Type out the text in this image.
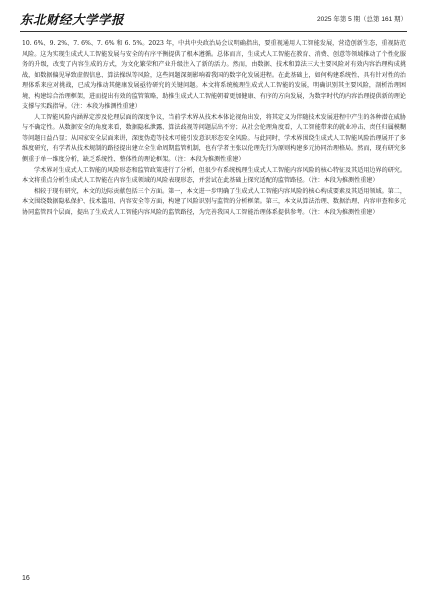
东北财经大学学报	2025 年第 5 期（总第 161 期）

10. 6%、9. 2%、7. 6%、7. 6% 和 6. 5%。2023 年，中共中央政治局会议明确指出，要重视通用人工智能发展，营造创新生态，重视防范风险。这为实现生成式人工智能发展与安全的有序平衡提供了根本遵循。总体而言，生成式人工智能在教育、消费、创意等领域推动了个性化服务的升级，改变了内容生成的方式，为文化繁荣和产业升级注入了新的活力。然而，由数据、技术和算法三大主要风险对有效内容治理构成挑战，如数据偏见导致虚假信息、算法操纵等风险，这些问题深刻影响着我国的数字化发展进程。在此基础上，如何构建系统性、具有针对性的治理体系来应对挑战，已成为推动其健康发展亟待研究的关键问题。本文将系统梳理生成式人工智能的发展，明确识别其主要风险，剖析治理困境，构建综合治理框架，进而提出有效的监管策略，助推生成式人工智能朝着更加健康、有序的方向发展，为数字时代的内容治理提供新的理论支撑与实践指导。（注：本段为推测性重建）

人工智能风险内涵界定涉及伦理层面的深度争议，当前学术界从技术本体论视角出发，将其定义为伴随技术发展进程中产生的各种潜在威胁与不确定性。从数据安全的角度来看，数据隐私泄露、算法歧视等问题层出不穷；从社会伦理角度看，人工智能带来的就业冲击、责任归属模糊等问题日益凸显；从国家安全层面来讲，深度伪造等技术可能引发意识形态安全风险。与此同时，学术界围绕生成式人工智能风险治理展开了多维度研究，有学者从技术规制的路径提出建立全生命周期监管机制，也有学者主张以伦理先行为原则构建多元协同治理格局。然而，现有研究多侧重于单一维度分析，缺乏系统性、整体性的理论框架。（注：本段为推测性重建）

学术界对生成式人工智能的风险形态和监管政策进行了分析，但很少有系统梳理生成式人工智能内容风险的核心特征及其适用边界的研究。本文将重点分析生成式人工智能在内容生成领域的风险表现形态，并尝试在此基础上探究适配的监管路径。（注：本段为推测性重建）

相较于现有研究，本文的边际贡献包括三个方面。第一，本文进一步明确了生成式人工智能内容风险的核心构成要素及其适用领域。第二，本文围绕数据隐私保护、技术滥用、内容安全等方面，构建了风险识别与监管的分析框架。第三，本文从算法治理、数据治理、内容审查和多元协同监管四个层面，提出了生成式人工智能内容风险的监管路径，为完善我国人工智能治理体系提供参考。（注：本段为推测性重建）

16
